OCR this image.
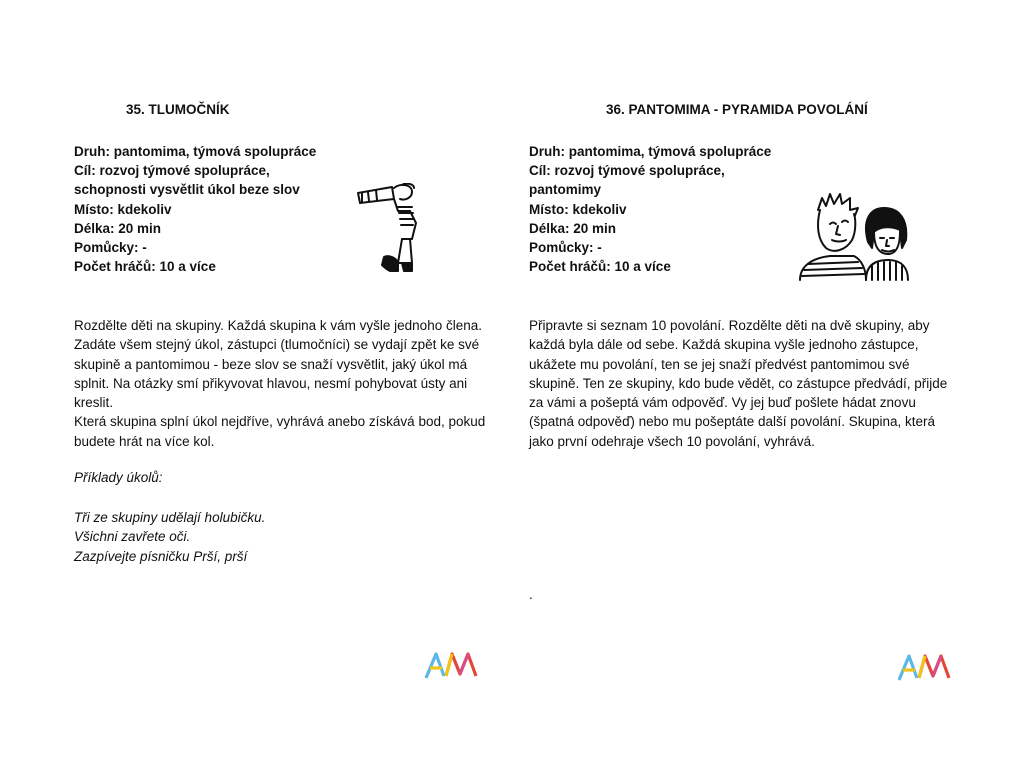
35. TLUMOČNÍK
Druh: pantomima, týmová spolupráce
Cíl: rozvoj týmové spolupráce,
schopnosti vysvětlit úkol beze slov
Místo: kdekoliv
Délka: 20 min
Pomůcky: -
Počet hráčů: 10 a více

Rozdělte děti na skupiny. Každá skupina k vám vyšle jednoho člena. Zadáte všem stejný úkol, zástupci (tlumočníci) se vydají zpět ke své skupině a pantomimou - beze slov se snaží vysvětlit, jaký úkol má splnit. Na otázky smí přikyvovat hlavou, nesmí pohybovat ústy ani kreslit.
Která skupina splní úkol nejdříve, vyhrává anebo získává bod, pokud budete hrát na více kol.

Příklady úkolů:

Tři ze skupiny udělají holubičku.
Všichni zavřete oči.
Zazpívejte písničku Prší, prší
36. PANTOMIMA - PYRAMIDA POVOLÁNÍ
Druh: pantomima, týmová spolupráce
Cíl: rozvoj týmové spolupráce,
pantomimy
Místo: kdekoliv
Délka: 20 min
Pomůcky: -
Počet hráčů: 10 a více

Připravte si seznam 10 povolání. Rozdělte děti na dvě skupiny, aby každá byla dále od sebe. Každá skupina vyšle jednoho zástupce, ukážete mu povolání, ten se jej snaží předvést pantomimou své skupině. Ten ze skupiny, kdo bude vědět, co zástupce předvádí, přijde za vámi a pošeptá vám odpověď. Vy jej buď pošlete hádat znovu (špatná odpověď) nebo mu pošeptáte další povolání. Skupina, která jako první odehraje všech 10 povolání, vyhrává.

.
